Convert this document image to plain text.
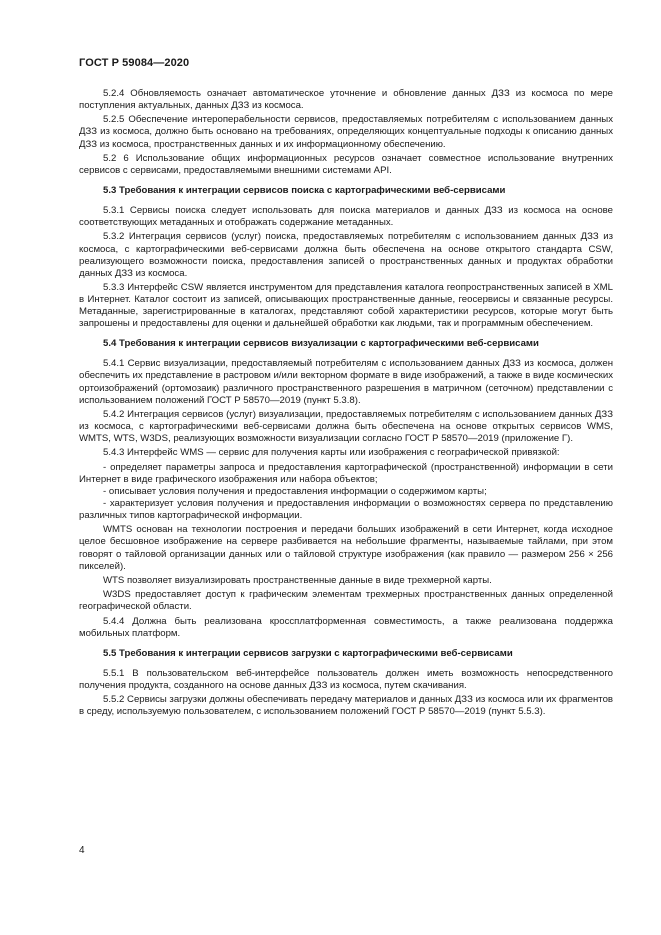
ГОСТ Р 59084—2020

5.2.4 Обновляемость означает автоматическое уточнение и обновление данных ДЗЗ из космоса по мере поступления актуальных, данных ДЗЗ из космоса.

5.2.5 Обеспечение интероперабельности сервисов, предоставляемых потребителям с использованием данных ДЗЗ из космоса, должно быть основано на требованиях, определяющих концептуальные подходы к описанию данных ДЗЗ из космоса, пространственных данных и их информационному обеспечению.

5.2 6 Использование общих информационных ресурсов означает совместное использование внутренних сервисов с сервисами, предоставляемыми внешними системами API.

5.3 Требования к интеграции сервисов поиска с картографическими веб-сервисами

5.3.1 Сервисы поиска следует использовать для поиска материалов и данных ДЗЗ из космоса на основе соответствующих метаданных и отображать содержание метаданных.

5.3.2 Интеграция сервисов (услуг) поиска, предоставляемых потребителям с использованием данных ДЗЗ из космоса, с картографическими веб-сервисами должна быть обеспечена на основе открытого стандарта CSW, реализующего возможности поиска, предоставления записей о пространственных данных и продуктах обработки данных ДЗЗ из космоса.

5.3.3 Интерфейс CSW является инструментом для представления каталога геопространственных записей в XML в Интернет. Каталог состоит из записей, описывающих пространственные данные, геосервисы и связанные ресурсы. Метаданные, зарегистрированные в каталогах, представляют собой характеристики ресурсов, которые могут быть запрошены и предоставлены для оценки и дальнейшей обработки как людьми, так и программным обеспечением.

5.4 Требования к интеграции сервисов визуализации с картографическими веб-сервисами

5.4.1 Сервис визуализации, предоставляемый потребителям с использованием данных ДЗЗ из космоса, должен обеспечить их представление в растровом и/или векторном формате в виде изображений, а также в виде космических ортоизображений (ортомозаик) различного пространственного разрешения в матричном (сеточном) представлении с использованием положений ГОСТ Р 58570—2019 (пункт 5.3.8).

5.4.2 Интеграция сервисов (услуг) визуализации, предоставляемых потребителям с использованием данных ДЗЗ из космоса, с картографическими веб-сервисами должна быть обеспечена на основе открытых сервисов WMS, WMTS, WTS, W3DS, реализующих возможности визуализации согласно ГОСТ Р 58570—2019 (приложение Г).

5.4.3 Интерфейс WMS — сервис для получения карты или изображения с географической привязкой:

- определяет параметры запроса и предоставления картографической (пространственной) информации в сети Интернет в виде графического изображения или набора объектов;

- описывает условия получения и предоставления информации о содержимом карты;

- характеризует условия получения и предоставления информации о возможностях сервера по представлению различных типов картографической информации.

WMTS основан на технологии построения и передачи больших изображений в сети Интернет, когда исходное целое бесшовное изображение на сервере разбивается на небольшие фрагменты, называемые тайлами, при этом говорят о тайловой организации данных или о тайловой структуре изображения (как правило — размером 256 × 256 пикселей).

WTS позволяет визуализировать пространственные данные в виде трехмерной карты.

W3DS предоставляет доступ к графическим элементам трехмерных пространственных данных определенной географической области.

5.4.4 Должна быть реализована кроссплатформенная совместимость, а также реализована поддержка мобильных платформ.

5.5 Требования к интеграции сервисов загрузки с картографическими веб-сервисами

5.5.1 В пользовательском веб-интерфейсе пользователь должен иметь возможность непосредственного получения продукта, созданного на основе данных ДЗЗ из космоса, путем скачивания.

5.5.2 Сервисы загрузки должны обеспечивать передачу материалов и данных ДЗЗ из космоса или их фрагментов в среду, используемую пользователем, с использованием положений ГОСТ Р 58570—2019 (пункт 5.5.3).

4
